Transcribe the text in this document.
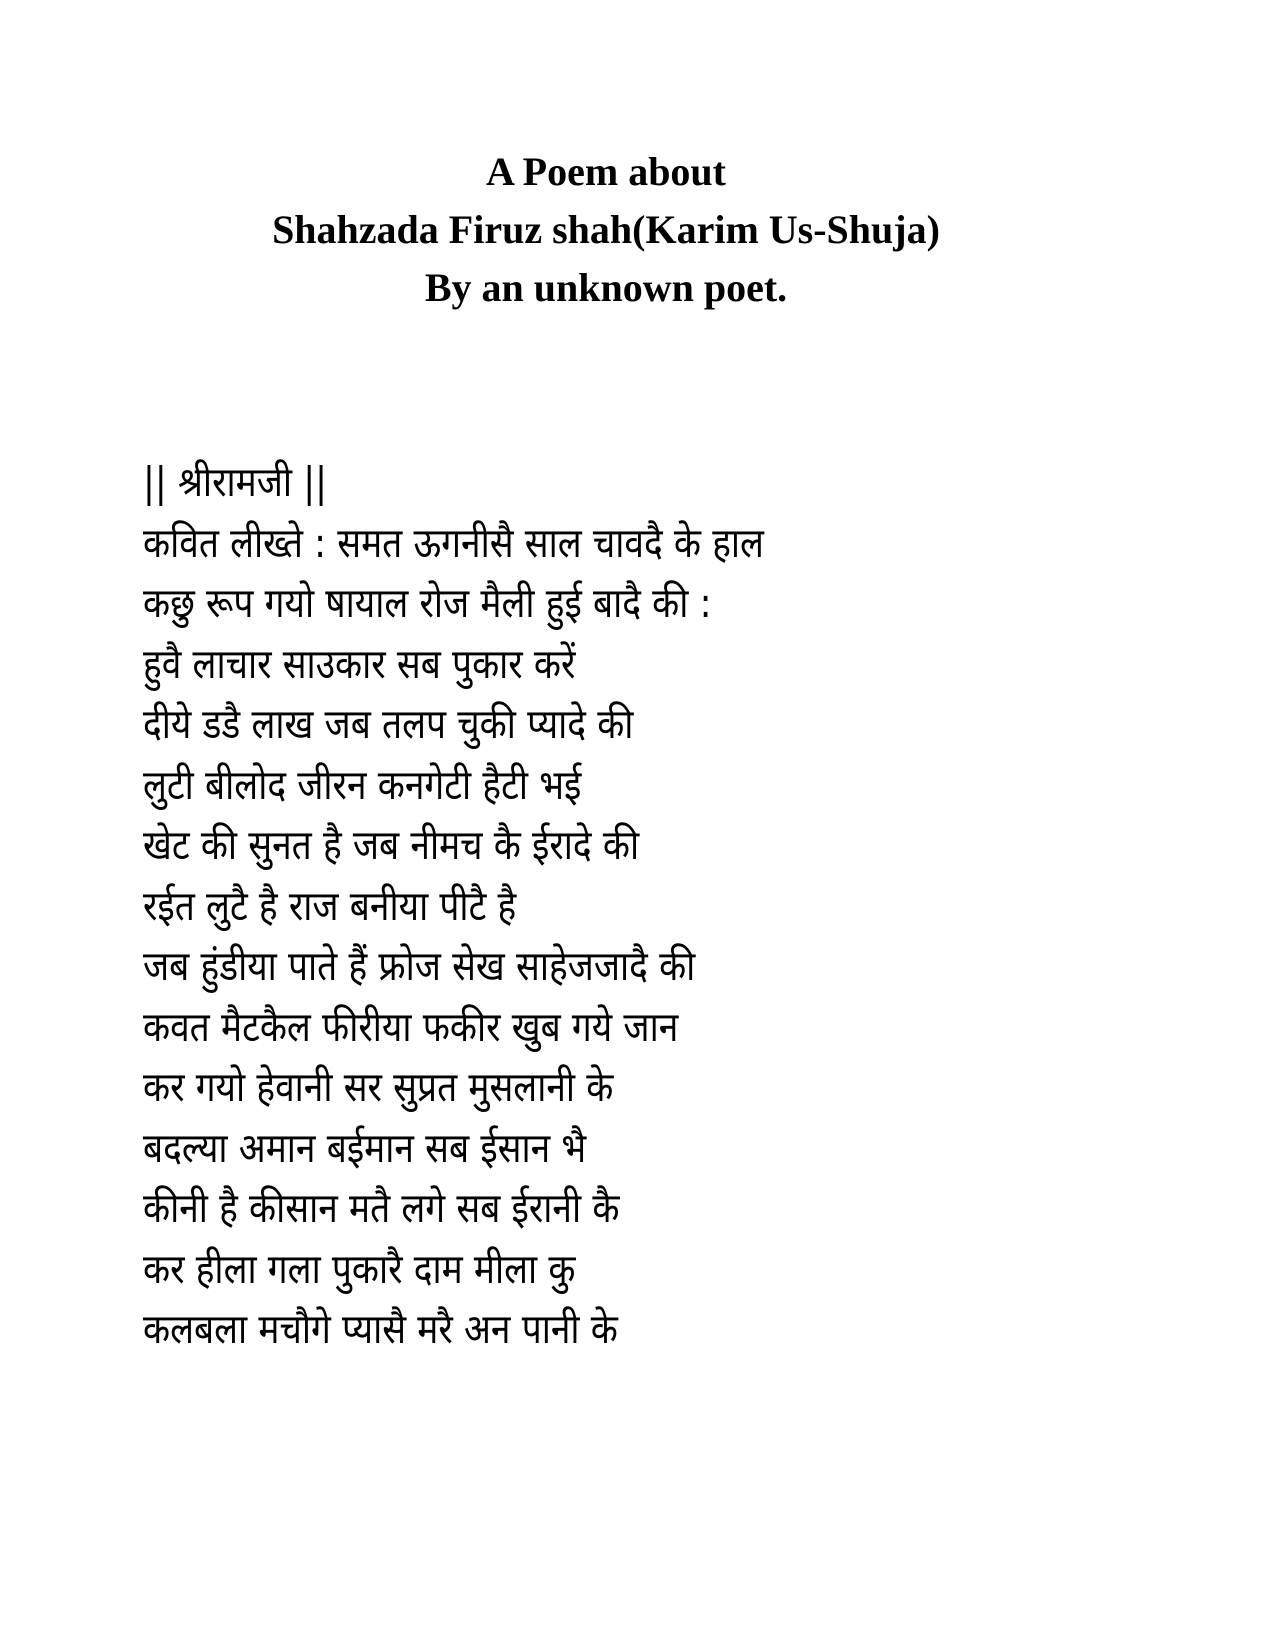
A Poem about
Shahzada Firuz shah(Karim Us-Shuja)
By an unknown poet.
|| श्रीरामजी ||
कवित लीख्ते : समत ऊगनीसै साल चावदै के हाल
कछु रूप गयो षायाल रोज मैली हुई बादै की :
हुवै लाचार साउकार सब पुकार करें
दीये डडै लाख जब तलप चुकी प्यादे की
लुटी बीलोद जीरन कनगेटी हैटी भई
खेट की सुनत है जब नीमच कै ईरादे की
रईत लुटै है राज बनीया पीटै है
जब हुंडीया पाते हैं फ्रोज सेख साहेजजादै की
कवत मैटकैल फीरीया फकीर खुब गये जान
कर गयो हेवानी सर सुप्रत मुसलानी के
बदल्या अमान बईमान सब ईसान भै
कीनी है कीसान मतै लगे सब ईरानी कै
कर हीला गला पुकारै दाम मीला कु
कलबला मचौगे प्यासै मरै अन पानी के
